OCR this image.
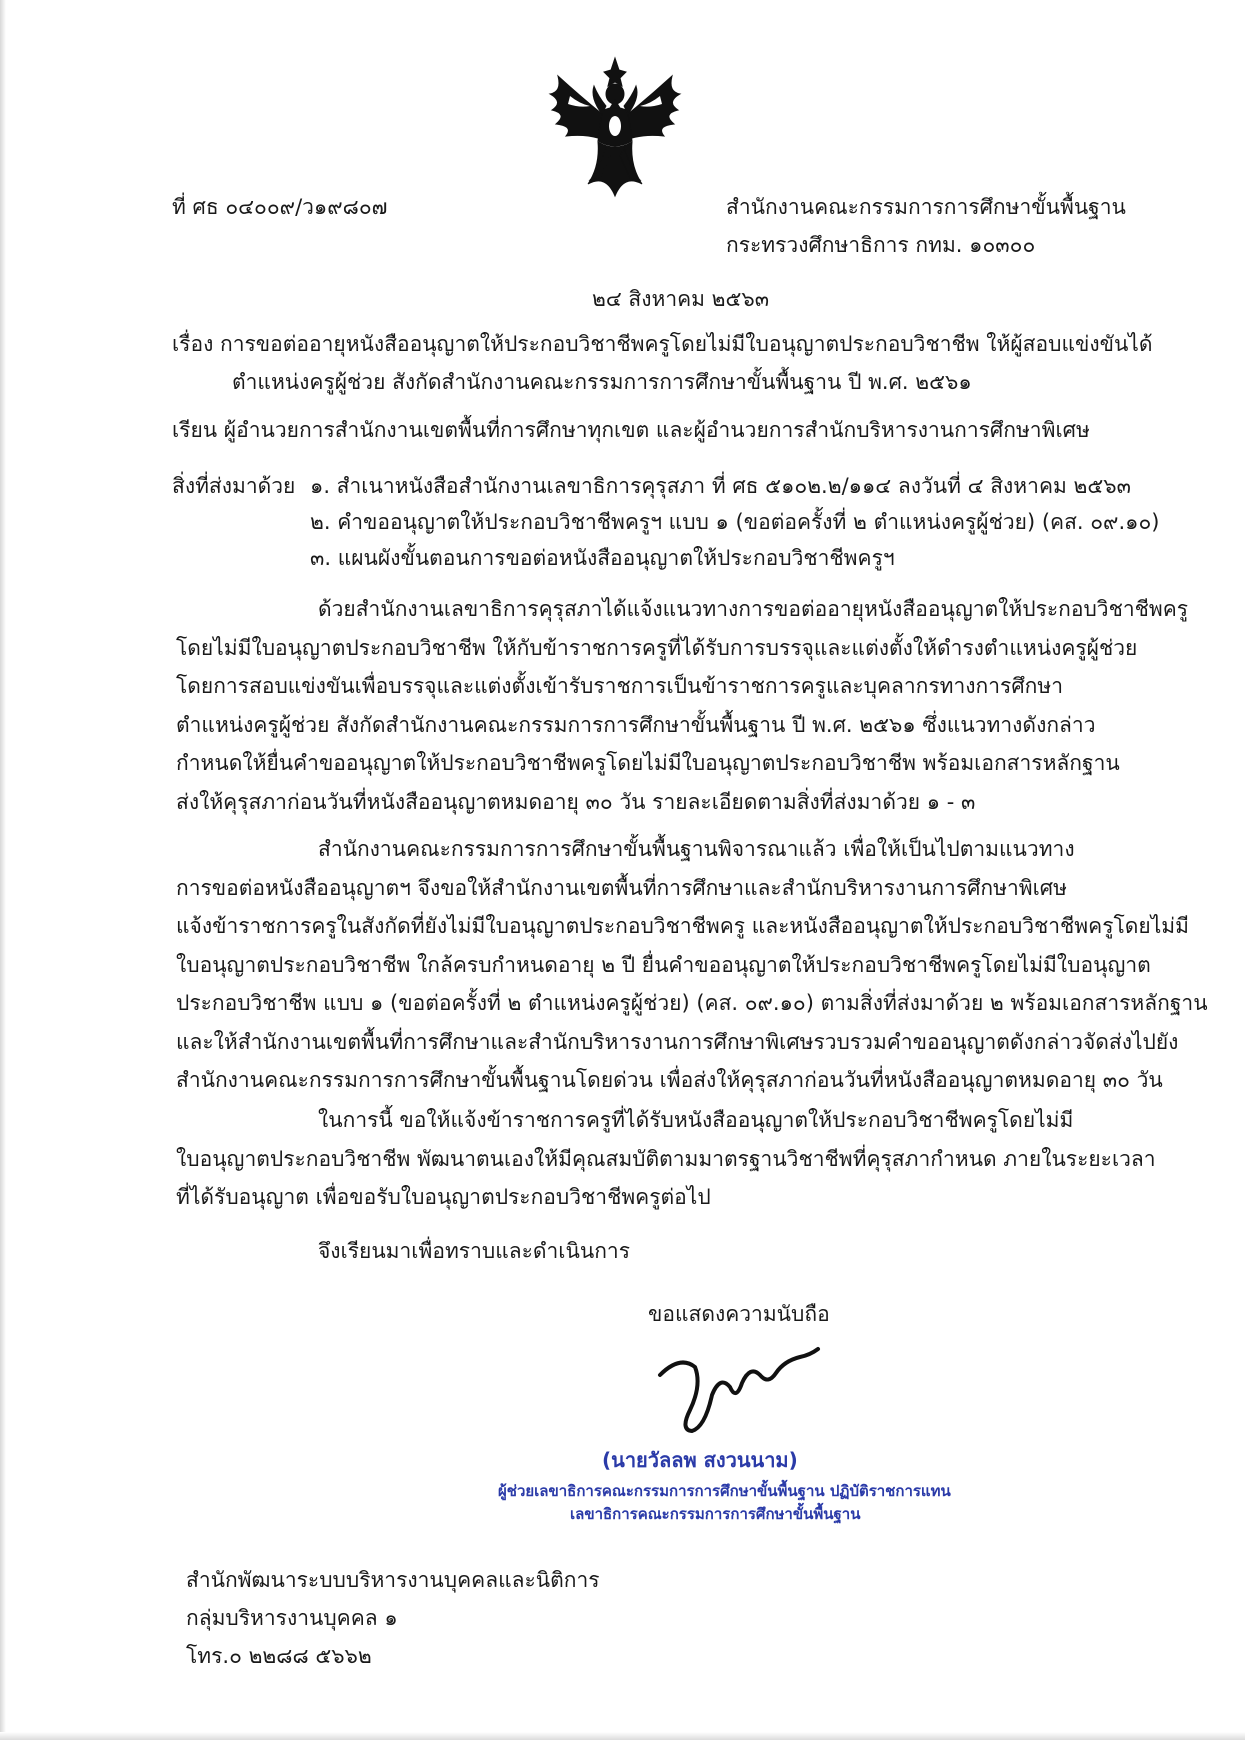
ที่ ศธ ๐๔๐๐๙/ว๑๙๘๐๗	สำนักงานคณะกรรมการการศึกษาขั้นพื้นฐาน
กระทรวงศึกษาธิการ กทม. ๑๐๓๐๐
๒๔ สิงหาคม ๒๕๖๓
เรื่อง การขอต่ออายุหนังสืออนุญาตให้ประกอบวิชาชีพครูโดยไม่มีใบอนุญาตประกอบวิชาชีพ ให้ผู้สอบแข่งขันได้
ตำแหน่งครูผู้ช่วย สังกัดสำนักงานคณะกรรมการการศึกษาขั้นพื้นฐาน ปี พ.ศ. ๒๕๖๑
เรียน ผู้อำนวยการสำนักงานเขตพื้นที่การศึกษาทุกเขต และผู้อำนวยการสำนักบริหารงานการศึกษาพิเศษ
สิ่งที่ส่งมาด้วย ๑. สำเนาหนังสือสำนักงานเลขาธิการคุรุสภา ที่ ศธ ๕๑๐๒.๒/๑๑๔ ลงวันที่ ๔ สิงหาคม ๒๕๖๓
๒. คำขออนุญาตให้ประกอบวิชาชีพครูฯ แบบ ๑ (ขอต่อครั้งที่ ๒ ตำแหน่งครูผู้ช่วย) (คส. ๐๙.๑๐)
๓. แผนผังขั้นตอนการขอต่อหนังสืออนุญาตให้ประกอบวิชาชีพครูฯ
ด้วยสำนักงานเลขาธิการคุรุสภาได้แจ้งแนวทางการขอต่ออายุหนังสืออนุญาตให้ประกอบวิชาชีพครู
โดยไม่มีใบอนุญาตประกอบวิชาชีพ ให้กับข้าราชการครูที่ได้รับการบรรจุและแต่งตั้งให้ดำรงตำแหน่งครูผู้ช่วย
โดยการสอบแข่งขันเพื่อบรรจุและแต่งตั้งเข้ารับราชการเป็นข้าราชการครูและบุคลากรทางการศึกษา
ตำแหน่งครูผู้ช่วย สังกัดสำนักงานคณะกรรมการการศึกษาขั้นพื้นฐาน ปี พ.ศ. ๒๕๖๑ ซึ่งแนวทางดังกล่าว
กำหนดให้ยื่นคำขออนุญาตให้ประกอบวิชาชีพครูโดยไม่มีใบอนุญาตประกอบวิชาชีพ พร้อมเอกสารหลักฐาน
ส่งให้คุรุสภาก่อนวันที่หนังสืออนุญาตหมดอายุ ๓๐ วัน รายละเอียดตามสิ่งที่ส่งมาด้วย ๑ - ๓
สำนักงานคณะกรรมการการศึกษาขั้นพื้นฐานพิจารณาแล้ว เพื่อให้เป็นไปตามแนวทาง
การขอต่อหนังสืออนุญาตฯ จึงขอให้สำนักงานเขตพื้นที่การศึกษาและสำนักบริหารงานการศึกษาพิเศษ
แจ้งข้าราชการครูในสังกัดที่ยังไม่มีใบอนุญาตประกอบวิชาชีพครู และหนังสืออนุญาตให้ประกอบวิชาชีพครูโดยไม่มี
ใบอนุญาตประกอบวิชาชีพ ใกล้ครบกำหนดอายุ ๒ ปี ยื่นคำขออนุญาตให้ประกอบวิชาชีพครูโดยไม่มีใบอนุญาต
ประกอบวิชาชีพ แบบ ๑ (ขอต่อครั้งที่ ๒ ตำแหน่งครูผู้ช่วย) (คส. ๐๙.๑๐) ตามสิ่งที่ส่งมาด้วย ๒ พร้อมเอกสารหลักฐาน
และให้สำนักงานเขตพื้นที่การศึกษาและสำนักบริหารงานการศึกษาพิเศษรวบรวมคำขออนุญาตดังกล่าวจัดส่งไปยัง
สำนักงานคณะกรรมการการศึกษาขั้นพื้นฐานโดยด่วน เพื่อส่งให้คุรุสภาก่อนวันที่หนังสืออนุญาตหมดอายุ ๓๐ วัน
ในการนี้ ขอให้แจ้งข้าราชการครูที่ได้รับหนังสืออนุญาตให้ประกอบวิชาชีพครูโดยไม่มี
ใบอนุญาตประกอบวิชาชีพ พัฒนาตนเองให้มีคุณสมบัติตามมาตรฐานวิชาชีพที่คุรุสภากำหนด ภายในระยะเวลา
ที่ได้รับอนุญาต เพื่อขอรับใบอนุญาตประกอบวิชาชีพครูต่อไป
จึงเรียนมาเพื่อทราบและดำเนินการ
ขอแสดงความนับถือ
(นายวัลลพ สงวนนาม)
ผู้ช่วยเลขาธิการคณะกรรมการการศึกษาขั้นพื้นฐาน ปฏิบัติราชการแทน
เลขาธิการคณะกรรมการการศึกษาขั้นพื้นฐาน
สำนักพัฒนาระบบบริหารงานบุคคลและนิติการ
กลุ่มบริหารงานบุคคล ๑
โทร.๐ ๒๒๘๘ ๕๖๖๒
